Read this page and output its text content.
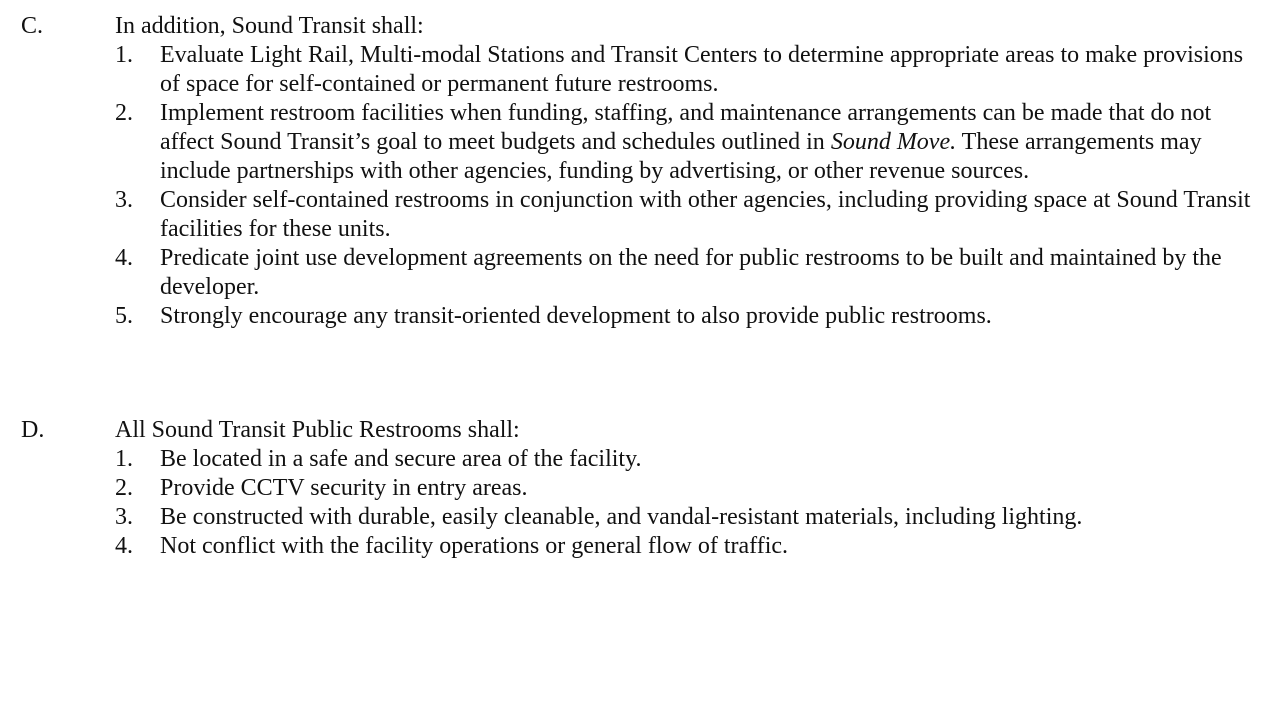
C.	In addition, Sound Transit shall:
1. Evaluate Light Rail, Multi-modal Stations and Transit Centers to determine appropriate areas to make provisions of space for self-contained or permanent future restrooms.
2. Implement restroom facilities when funding, staffing, and maintenance arrangements can be made that do not affect Sound Transit’s goal to meet budgets and schedules outlined in Sound Move. These arrangements may include partnerships with other agencies, funding by advertising, or other revenue sources.
3. Consider self-contained restrooms in conjunction with other agencies, including providing space at Sound Transit facilities for these units.
4. Predicate joint use development agreements on the need for public restrooms to be built and maintained by the developer.
5. Strongly encourage any transit-oriented development to also provide public restrooms.
D.	All Sound Transit Public Restrooms shall:
1. Be located in a safe and secure area of the facility.
2. Provide CCTV security in entry areas.
3. Be constructed with durable, easily cleanable, and vandal-resistant materials, including lighting.
4. Not conflict with the facility operations or general flow of traffic.
